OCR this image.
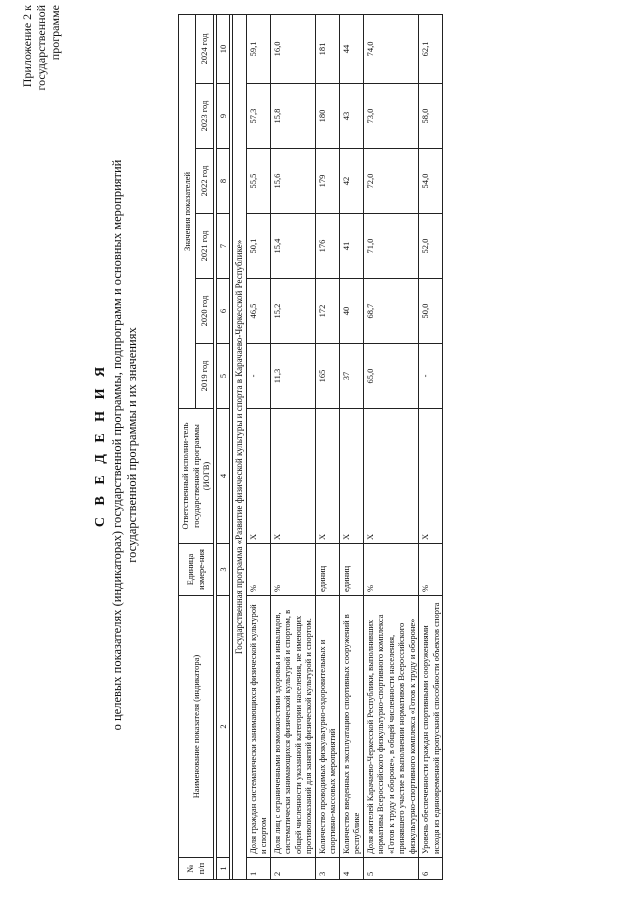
Приложение 2 к государственной программе
С В Е Д Е Н И Я о целевых показателях (индикаторах) государственной программы, подпрограмм и основных мероприятий государственной программы и их значениях
№ п/п	Наименование показателя (индикатора)	Единица измере-ния	Ответственный исполни-тель государственной программы (ИОГВ)	Значения показателей					
				2019 год	2020 год	2021 год	2022 год	2023 год	2024 год

1	2	3	4	5	6	7	8	9	10

Государственная программа «Развитие физической культуры и спорта в Карачаево-Черкесской Республике»									
1	Доля граждан систематически занимающихся физической культурой и спортом	%	Х	-	46,5	50,1	55,5	57,3	59,1
2	Доля лиц с ограниченными возможностями здоровья и инвалидов, систематически занимающихся физической культурой и спортом, в общей численности указанной категории населения, не имеющих противопоказаний для занятий физической культурой и спортом.	%	Х	11,3	15,2	15,4	15,6	15,8	16,0
3	Количество проводимых физкультурно-оздоровительных и спортивно-массовых мероприятий	единиц	Х	165	172	176	179	180	181
4	Количество введенных в эксплуатацию спортивных сооружений в республике	единиц	Х	37	40	41	42	43	44
5	Доля жителей Карачаево-Черкесской Республики, выполнивших нормативы Всероссийского физкультурно-спортивного комплекса «Готов к труду и обороне», в общей численности населения, принявшего участие в выполнении нормативов Всероссийского физкультурно-спортивного комплекса «Готов к труду и обороне»	%	Х	65,0	68,7	71,0	72,0	73,0	74,0
6	Уровень обеспеченности граждан спортивными сооружениями исходя из единовременной пропускной способности объектов спорта	%	Х	-	50,0	52,0	54,0	58,0	62,1
